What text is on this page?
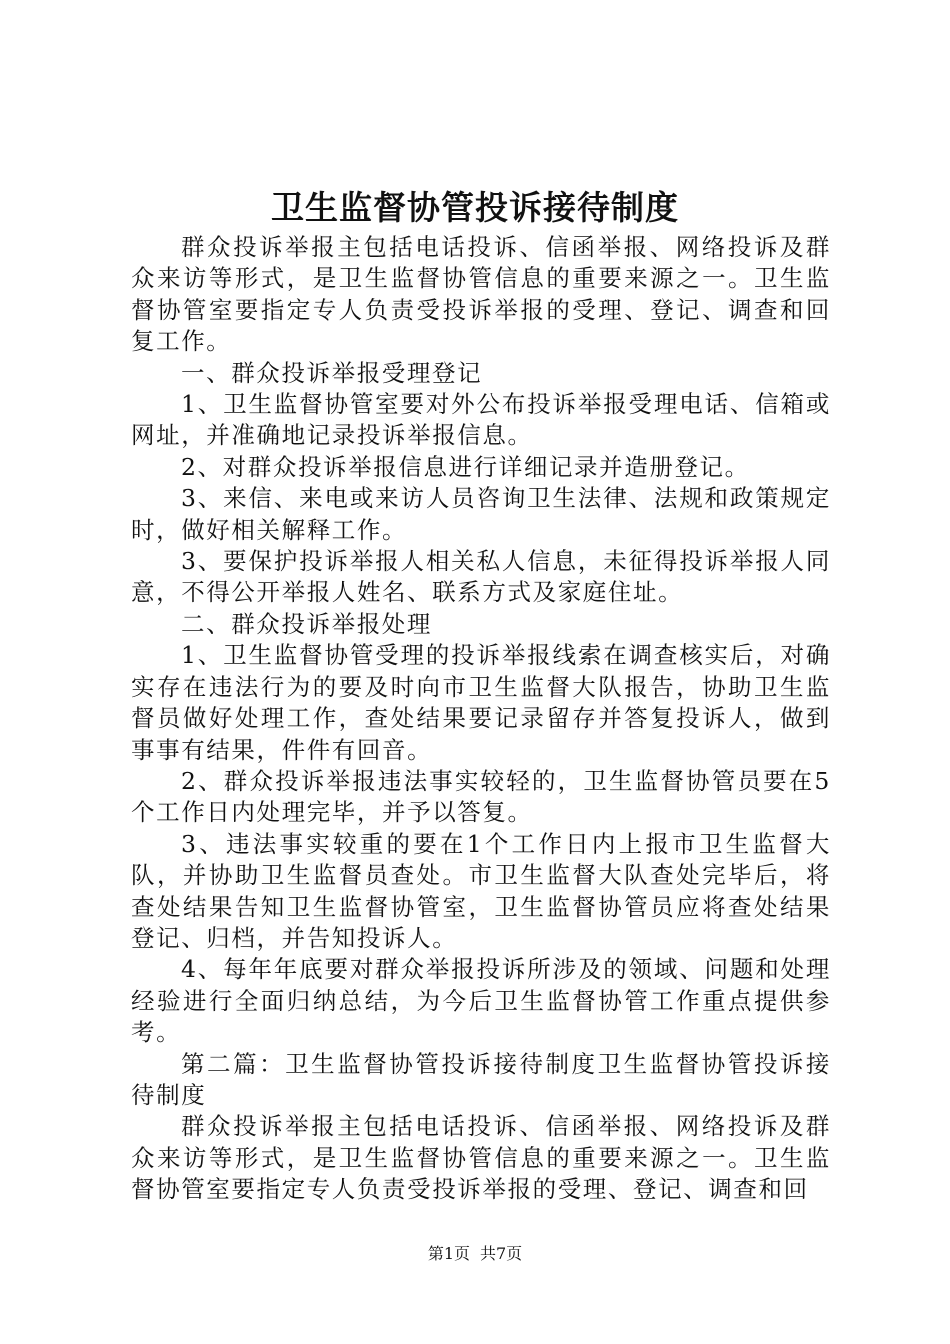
卫生监督协管投诉接待制度

群众投诉举报主包括电话投诉、信函举报、网络投诉及群众来访等形式，是卫生监督协管信息的重要来源之一。卫生监督协管室要指定专人负责受投诉举报的受理、登记、调查和回复工作。

一、群众投诉举报受理登记

1、卫生监督协管室要对外公布投诉举报受理电话、信箱或网址，并准确地记录投诉举报信息。

2、对群众投诉举报信息进行详细记录并造册登记。

3、来信、来电或来访人员咨询卫生法律、法规和政策规定时，做好相关解释工作。

3、要保护投诉举报人相关私人信息，未征得投诉举报人同意，不得公开举报人姓名、联系方式及家庭住址。

二、群众投诉举报处理

1、卫生监督协管受理的投诉举报线索在调查核实后，对确实存在违法行为的要及时向市卫生监督大队报告，协助卫生监督员做好处理工作，查处结果要记录留存并答复投诉人，做到事事有结果，件件有回音。

2、群众投诉举报违法事实较轻的，卫生监督协管员要在5个工作日内处理完毕，并予以答复。

3、违法事实较重的要在1个工作日内上报市卫生监督大队，并协助卫生监督员查处。市卫生监督大队查处完毕后，将查处结果告知卫生监督协管室，卫生监督协管员应将查处结果登记、归档，并告知投诉人。

4、每年年底要对群众举报投诉所涉及的领域、问题和处理经验进行全面归纳总结，为今后卫生监督协管工作重点提供参考。

第二篇：卫生监督协管投诉接待制度卫生监督协管投诉接待制度

群众投诉举报主包括电话投诉、信函举报、网络投诉及群众来访等形式，是卫生监督协管信息的重要来源之一。卫生监督协管室要指定专人负责受投诉举报的受理、登记、调查和回

第1页 共7页
